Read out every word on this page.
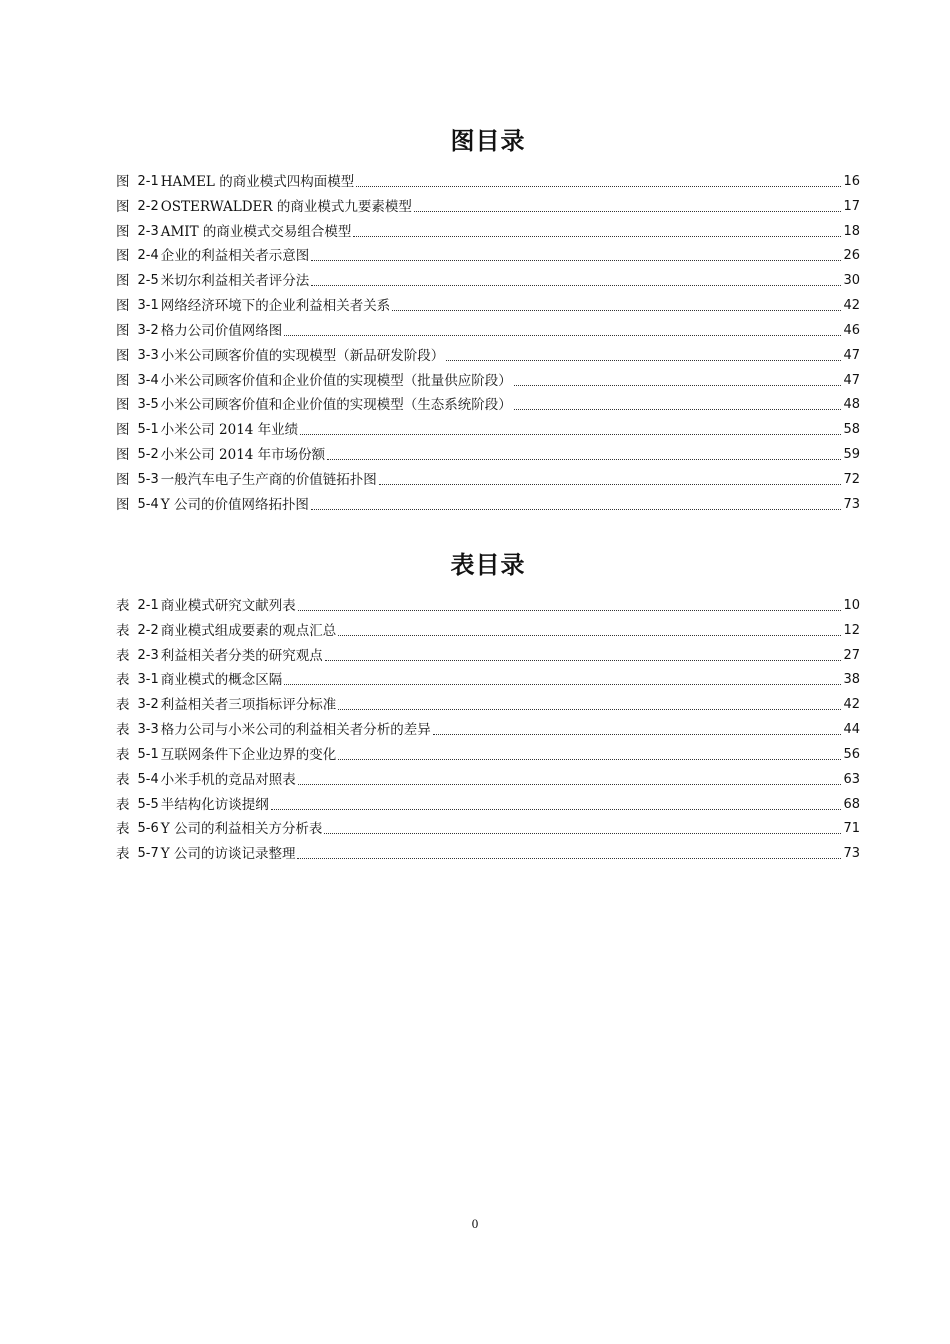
图目录
图 2-1 HAMEL 的商业模式四构面模型	16
图 2-2 OSTERWALDER 的商业模式九要素模型	17
图 2-3 AMIT 的商业模式交易组合模型	18
图 2-4 企业的利益相关者示意图	26
图 2-5 米切尔利益相关者评分法	30
图 3-1 网络经济环境下的企业利益相关者关系	42
图 3-2 格力公司价值网络图	46
图 3-3 小米公司顾客价值的实现模型（新品研发阶段）	47
图 3-4 小米公司顾客价值和企业价值的实现模型（批量供应阶段）	47
图 3-5 小米公司顾客价值和企业价值的实现模型（生态系统阶段）	48
图 5-1 小米公司 2014 年业绩	58
图 5-2 小米公司 2014 年市场份额	59
图 5-3 一般汽车电子生产商的价值链拓扑图	72
图 5-4 Y 公司的价值网络拓扑图	73
表目录
表 2-1 商业模式研究文献列表	10
表 2-2 商业模式组成要素的观点汇总	12
表 2-3 利益相关者分类的研究观点	27
表 3-1 商业模式的概念区隔	38
表 3-2 利益相关者三项指标评分标准	42
表 3-3 格力公司与小米公司的利益相关者分析的差异	44
表 5-1 互联网条件下企业边界的变化	56
表 5-4 小米手机的竞品对照表	63
表 5-5 半结构化访谈提纲	68
表 5-6 Y 公司的利益相关方分析表	71
表 5-7 Y 公司的访谈记录整理	73
0
